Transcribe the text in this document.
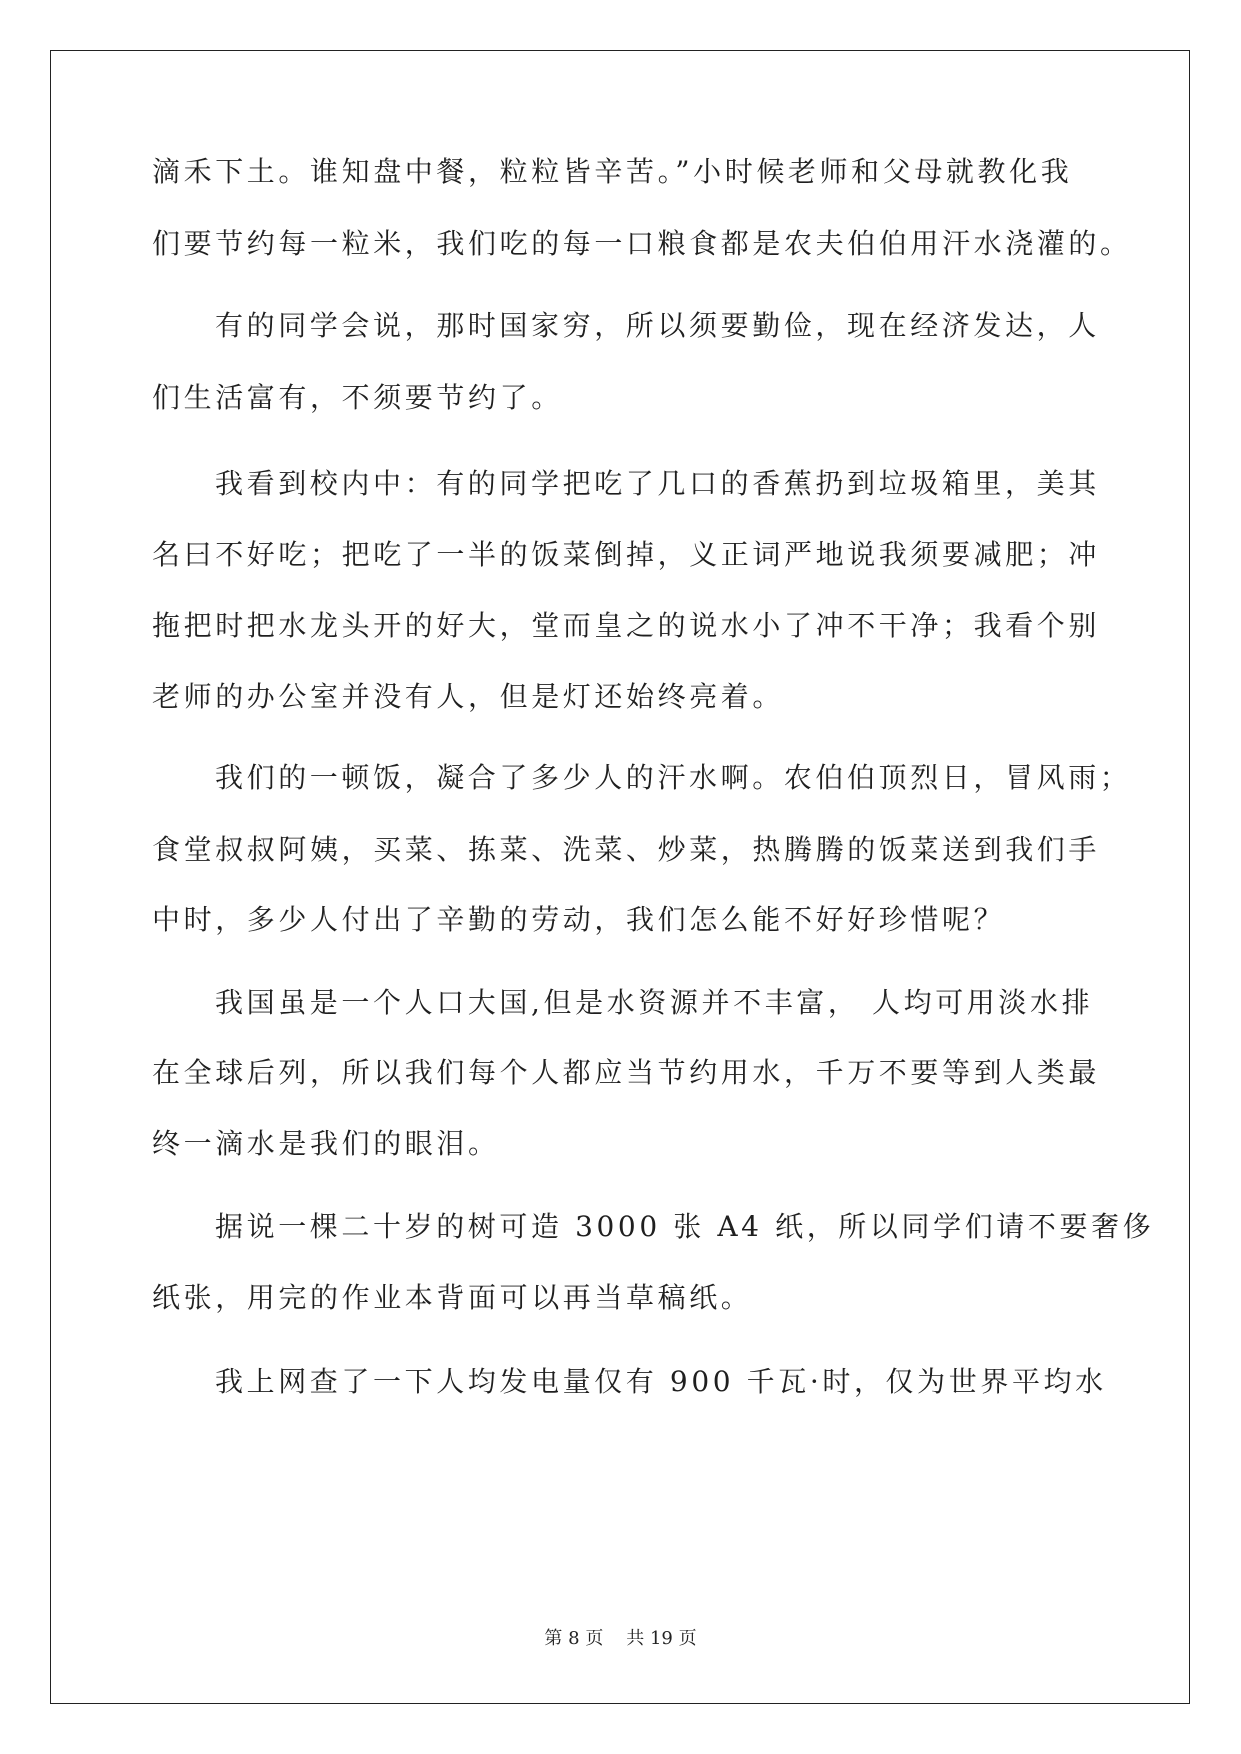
滴禾下土。谁知盘中餐，粒粒皆辛苦。”小时候老师和父母就教化我

们要节约每一粒米，我们吃的每一口粮食都是农夫伯伯用汗水浇灌的。

有的同学会说，那时国家穷，所以须要勤俭，现在经济发达，人

们生活富有，不须要节约了。

我看到校内中：有的同学把吃了几口的香蕉扔到垃圾箱里，美其

名曰不好吃；把吃了一半的饭菜倒掉，义正词严地说我须要减肥；冲

拖把时把水龙头开的好大，堂而皇之的说水小了冲不干净；我看个别

老师的办公室并没有人，但是灯还始终亮着。

我们的一顿饭，凝合了多少人的汗水啊。农伯伯顶烈日，冒风雨；

食堂叔叔阿姨，买菜、拣菜、洗菜、炒菜，热腾腾的饭菜送到我们手

中时，多少人付出了辛勤的劳动，我们怎么能不好好珍惜呢？

我国虽是一个人口大国,但是水资源并不丰富， 人均可用淡水排

在全球后列，所以我们每个人都应当节约用水，千万不要等到人类最

终一滴水是我们的眼泪。

据说一棵二十岁的树可造 3000 张 A4 纸，所以同学们请不要奢侈

纸张，用完的作业本背面可以再当草稿纸。

我上网查了一下人均发电量仅有 900 千瓦·时，仅为世界平均水

第 8 页 共 19 页
